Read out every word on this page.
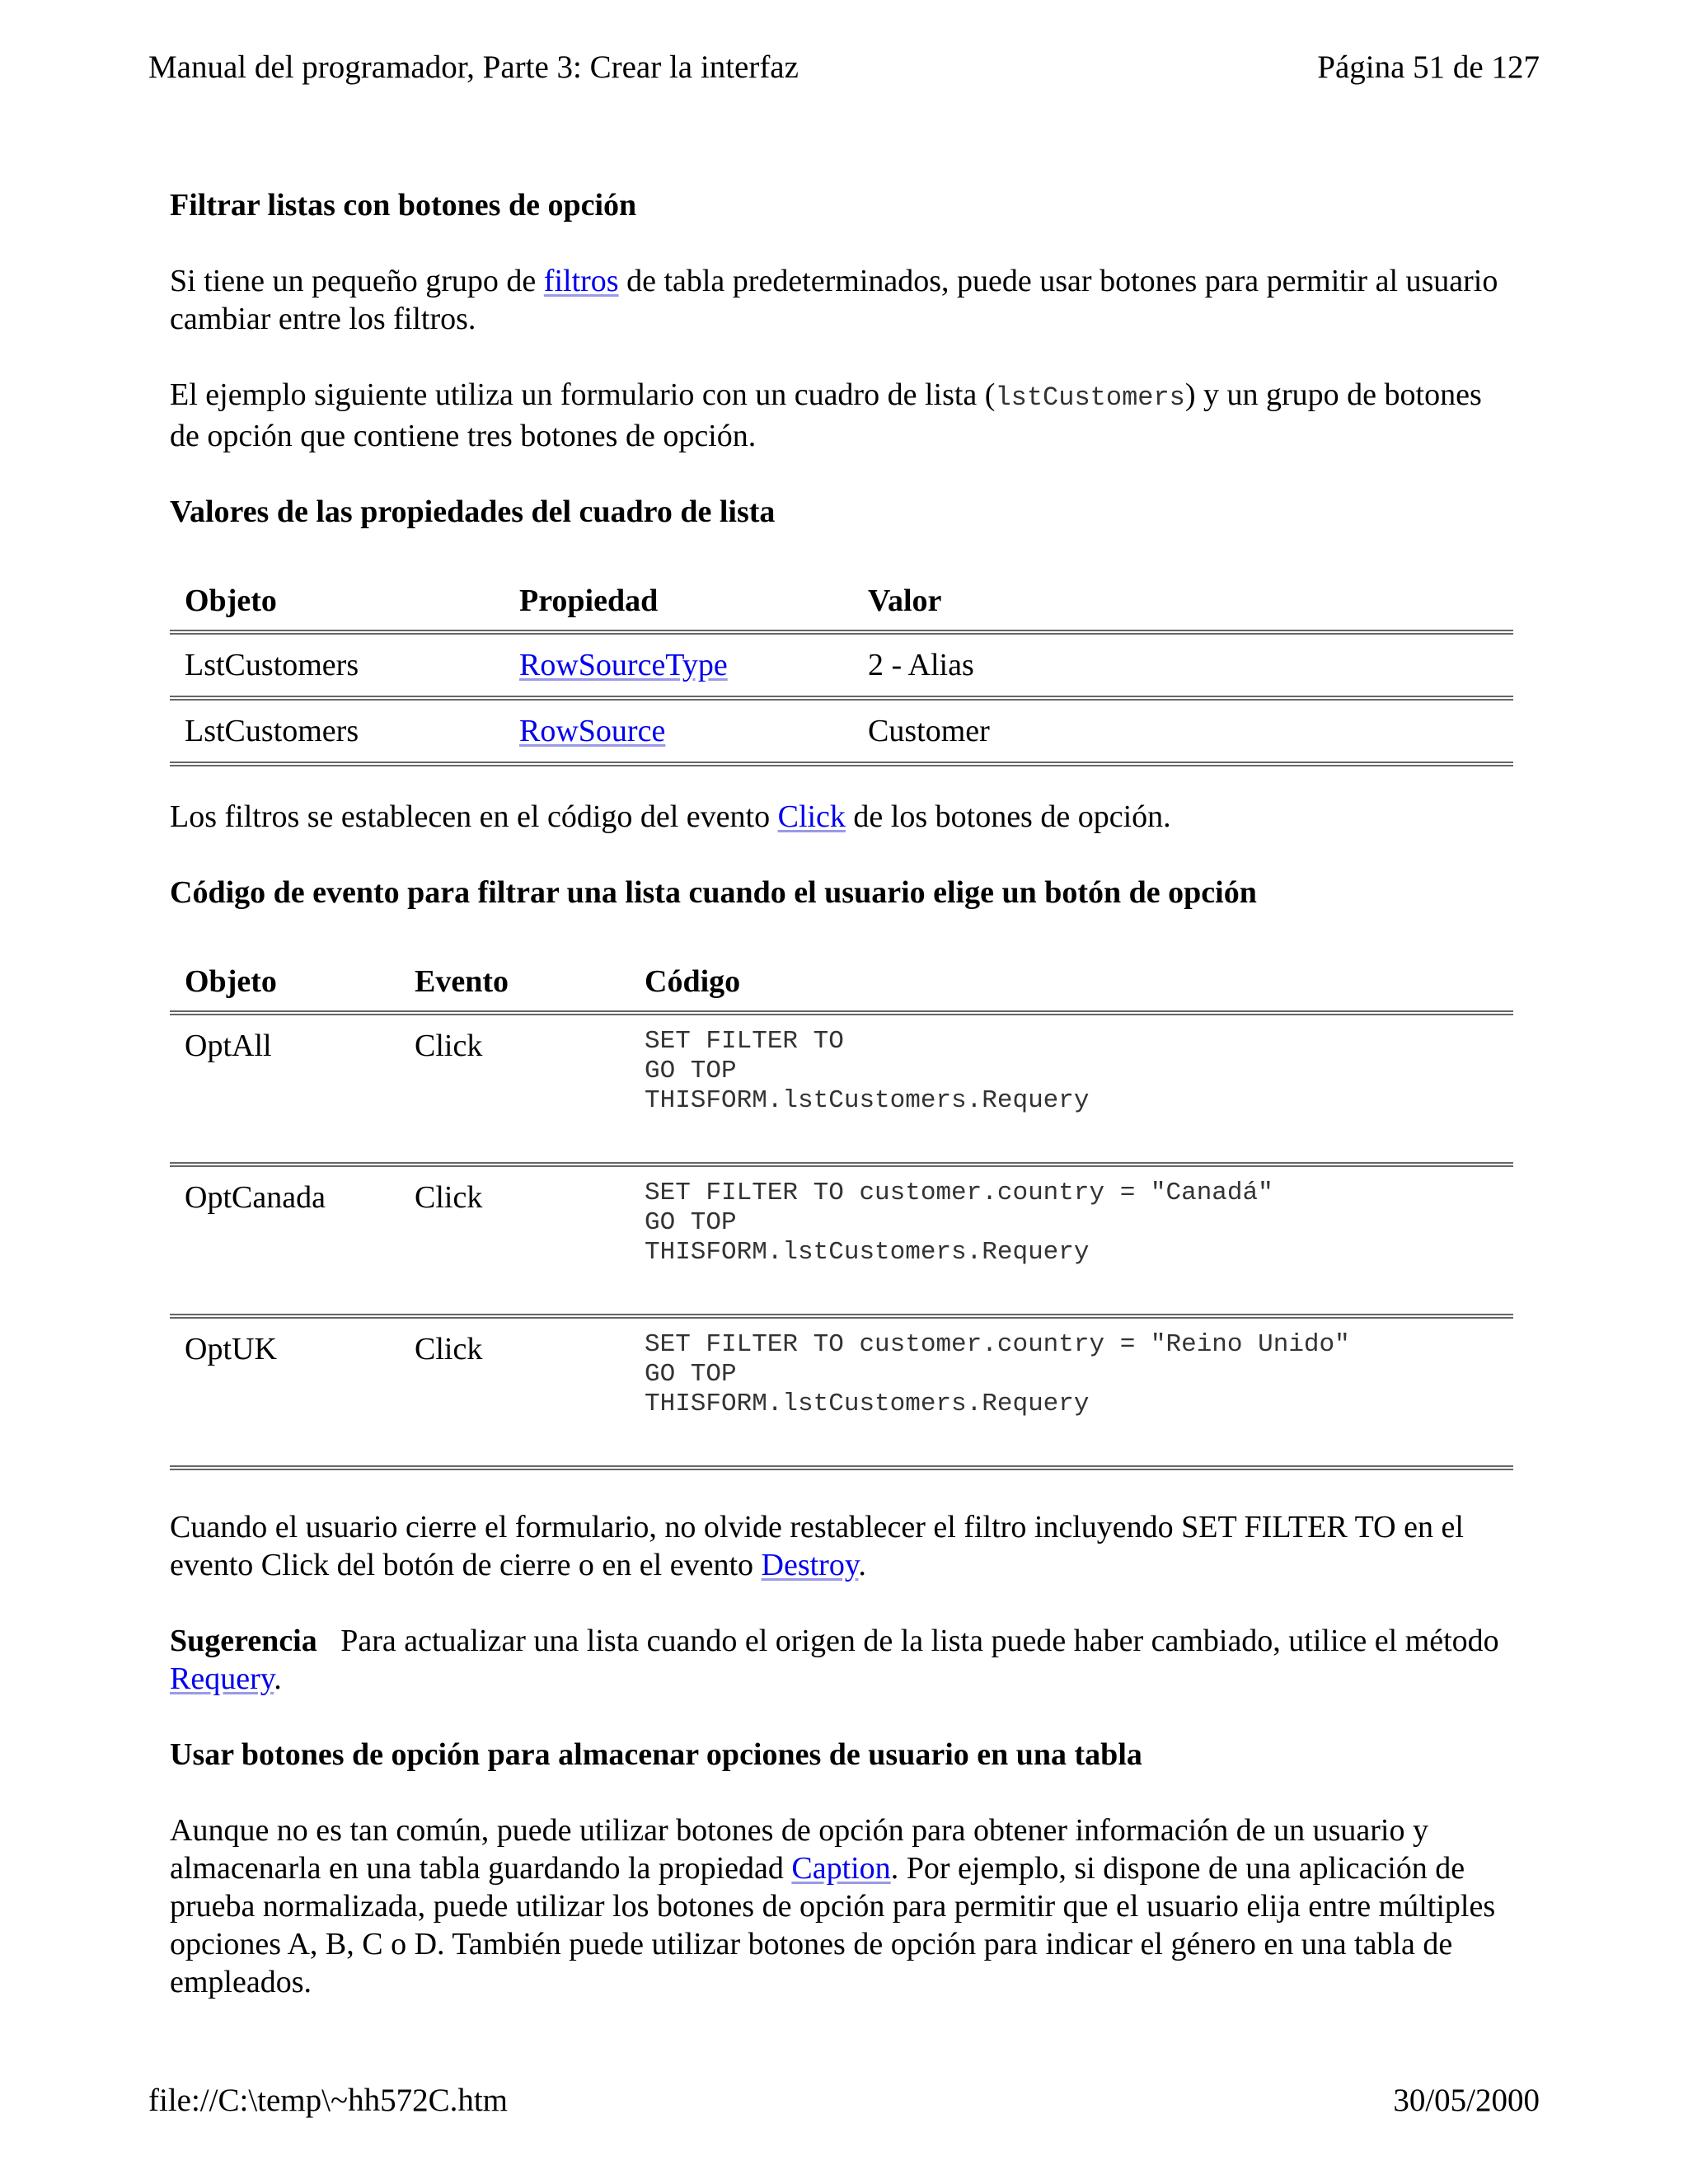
Manual del programador, Parte 3: Crear la interfaz	Página 51 de 127

Filtrar listas con botones de opción

Si tiene un pequeño grupo de filtros de tabla predeterminados, puede usar botones para permitir al usuario cambiar entre los filtros.

El ejemplo siguiente utiliza un formulario con un cuadro de lista (lstCustomers) y un grupo de botones de opción que contiene tres botones de opción.

Valores de las propiedades del cuadro de lista

Objeto	Propiedad	Valor
LstCustomers	RowSourceType	2 - Alias
LstCustomers	RowSource	Customer

Los filtros se establecen en el código del evento Click de los botones de opción.

Código de evento para filtrar una lista cuando el usuario elige un botón de opción

Objeto	Evento	Código
OptAll	Click	SET FILTER TO
GO TOP
THISFORM.lstCustomers.Requery

OptCanada	Click	SET FILTER TO customer.country = "Canadá"
GO TOP
THISFORM.lstCustomers.Requery

OptUK	Click	SET FILTER TO customer.country = "Reino Unido"
GO TOP
THISFORM.lstCustomers.Requery

Cuando el usuario cierre el formulario, no olvide restablecer el filtro incluyendo SET FILTER TO en el evento Click del botón de cierre o en el evento Destroy.

Sugerencia   Para actualizar una lista cuando el origen de la lista puede haber cambiado, utilice el método Requery.

Usar botones de opción para almacenar opciones de usuario en una tabla

Aunque no es tan común, puede utilizar botones de opción para obtener información de un usuario y almacenarla en una tabla guardando la propiedad Caption. Por ejemplo, si dispone de una aplicación de prueba normalizada, puede utilizar los botones de opción para permitir que el usuario elija entre múltiples opciones A, B, C o D. También puede utilizar botones de opción para indicar el género en una tabla de empleados.

file://C:\temp\~hh572C.htm	30/05/2000
